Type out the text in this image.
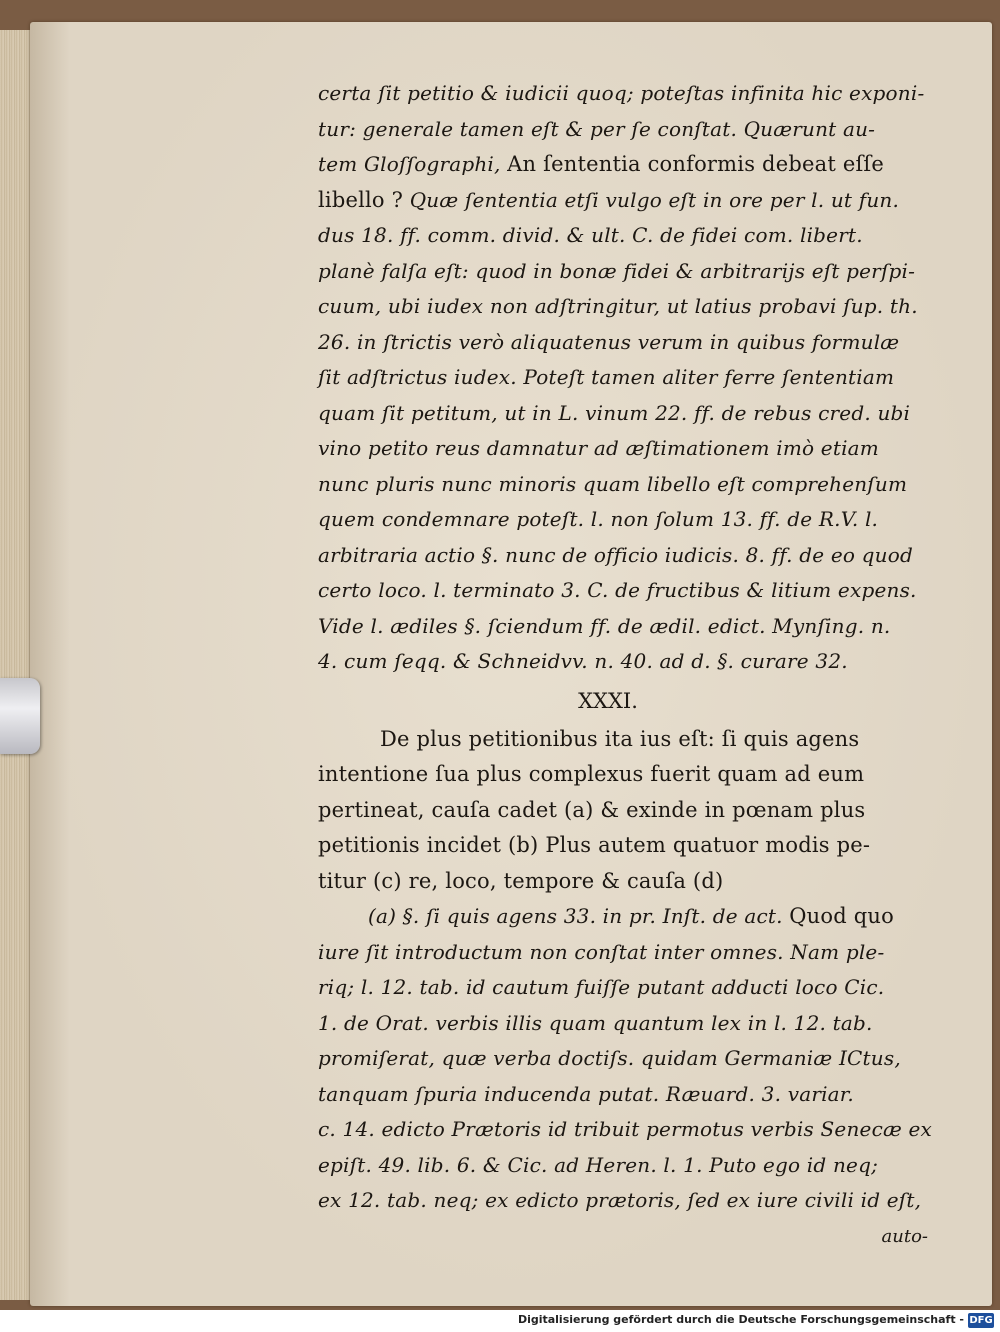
certa ſit petitio & iudicii quoq; poteſtas infinita hic exponi-
tur: generale tamen eſt & per ſe conſtat. Quærunt au-
tem Gloſſographi, An ſententia conformis debeat eſſe
libello ? Quæ ſententia etſi vulgo eſt in ore per l. ut fun.
dus 18. ff. comm. divid. & ult. C. de fidei com. libert.
planè falſa eſt: quod in bonæ fidei & arbitrarijs eſt perſpi-
cuum, ubi iudex non adſtringitur, ut latius probavi ſup. th.
26. in ſtrictis verò aliquatenus verum in quibus formulæ
ſit adſtrictus iudex. Poteſt tamen aliter ferre ſententiam
quam ſit petitum, ut in L. vinum 22. ff. de rebus cred. ubi
vino petito reus damnatur ad æſtimationem imò etiam
nunc pluris nunc minoris quam libello eſt comprehenſum
quem condemnare poteſt. l. non ſolum 13. ff. de R.V. l.
arbitraria actio §. nunc de officio iudicis. 8. ff. de eo quod
certo loco. l. terminato 3. C. de fructibus & litium expens.
Vide l. ædiles §. ſciendum ff. de ædil. edict. Mynſing. n.
4. cum ſeqq. & Schneidvv. n. 40. ad d. §. curare 32.
XXXI.
De plus petitionibus ita ius eſt: ſi quis agens
intentione ſua plus complexus fuerit quam ad eum
pertineat, cauſa cadet (a) & exinde in pœnam plus
petitionis incidet (b) Plus autem quatuor modis pe-
titur (c) re, loco, tempore & cauſa (d)
(a) §. ſi quis agens 33. in pr. Inſt. de act. Quod quo
iure ſit introductum non conſtat inter omnes. Nam ple-
riq; l. 12. tab. id cautum fuiſſe putant adducti loco Cic.
1. de Orat. verbis illis quam quantum lex in l. 12. tab.
promiſerat, quæ verba doctiſs. quidam Germaniæ ICtus,
tanquam ſpuria inducenda putat. Ræuard. 3. variar.
c. 14. edicto Prætoris id tribuit permotus verbis Senecæ ex
epiſt. 49. lib. 6. & Cic. ad Heren. l. 1. Puto ego id neq;
ex 12. tab. neq; ex edicto prætoris, ſed ex iure civili id eſt,
auto-
Digitalisierung gefördert durch die Deutsche Forschungsgemeinschaft - DFG
